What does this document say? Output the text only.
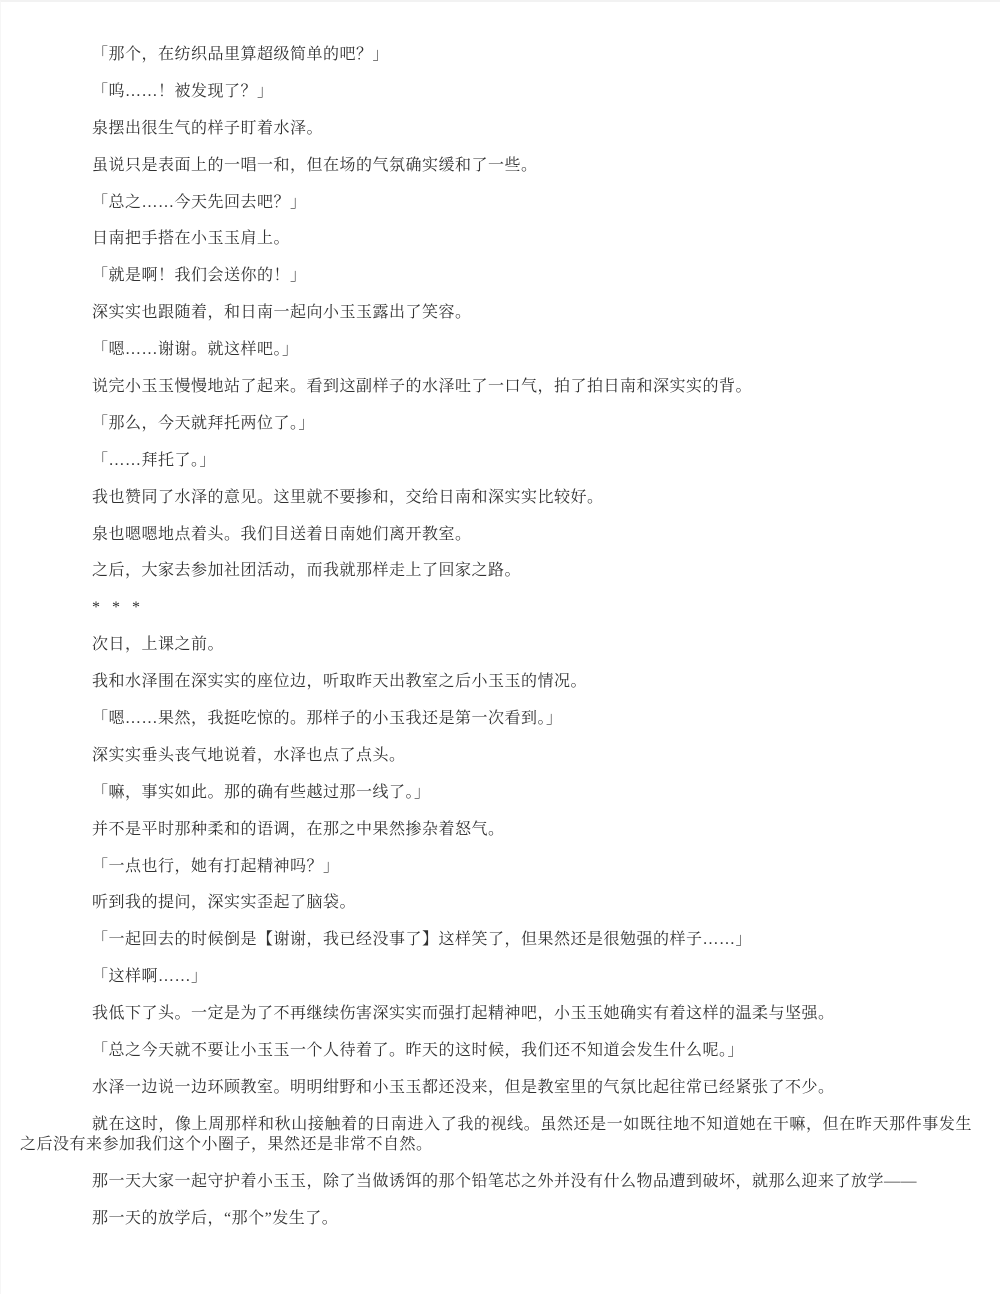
「那个，在纺织品里算超级简单的吧？」

「呜……！被发现了？」

泉摆出很生气的样子盯着水泽。

虽说只是表面上的一唱一和，但在场的气氛确实缓和了一些。

「总之……今天先回去吧？」

日南把手搭在小玉玉肩上。

「就是啊！我们会送你的！」

深实实也跟随着，和日南一起向小玉玉露出了笑容。

「嗯……谢谢。就这样吧。」

说完小玉玉慢慢地站了起来。看到这副样子的水泽吐了一口气，拍了拍日南和深实实的背。

「那么，今天就拜托两位了。」

「……拜托了。」

我也赞同了水泽的意见。这里就不要掺和，交给日南和深实实比较好。

泉也嗯嗯地点着头。我们目送着日南她们离开教室。

之后，大家去参加社团活动，而我就那样走上了回家之路。

* * *

次日，上课之前。

我和水泽围在深实实的座位边，听取昨天出教室之后小玉玉的情况。

「嗯……果然，我挺吃惊的。那样子的小玉我还是第一次看到。」

深实实垂头丧气地说着，水泽也点了点头。

「嘛，事实如此。那的确有些越过那一线了。」

并不是平时那种柔和的语调，在那之中果然掺杂着怒气。

「一点也行，她有打起精神吗？」

听到我的提问，深实实歪起了脑袋。

「一起回去的时候倒是【谢谢，我已经没事了】这样笑了，但果然还是很勉强的样子……」

「这样啊……」

我低下了头。一定是为了不再继续伤害深实实而强打起精神吧，小玉玉她确实有着这样的温柔与坚强。

「总之今天就不要让小玉玉一个人待着了。昨天的这时候，我们还不知道会发生什么呢。」

水泽一边说一边环顾教室。明明绀野和小玉玉都还没来，但是教室里的气氛比起往常已经紧张了不少。

就在这时，像上周那样和秋山接触着的日南进入了我的视线。虽然还是一如既往地不知道她在干嘛，但在昨天那件事发生之后没有来参加我们这个小圈子，果然还是非常不自然。

那一天大家一起守护着小玉玉，除了当做诱饵的那个铅笔芯之外并没有什么物品遭到破坏，就那么迎来了放学——

那一天的放学后，“那个”发生了。
